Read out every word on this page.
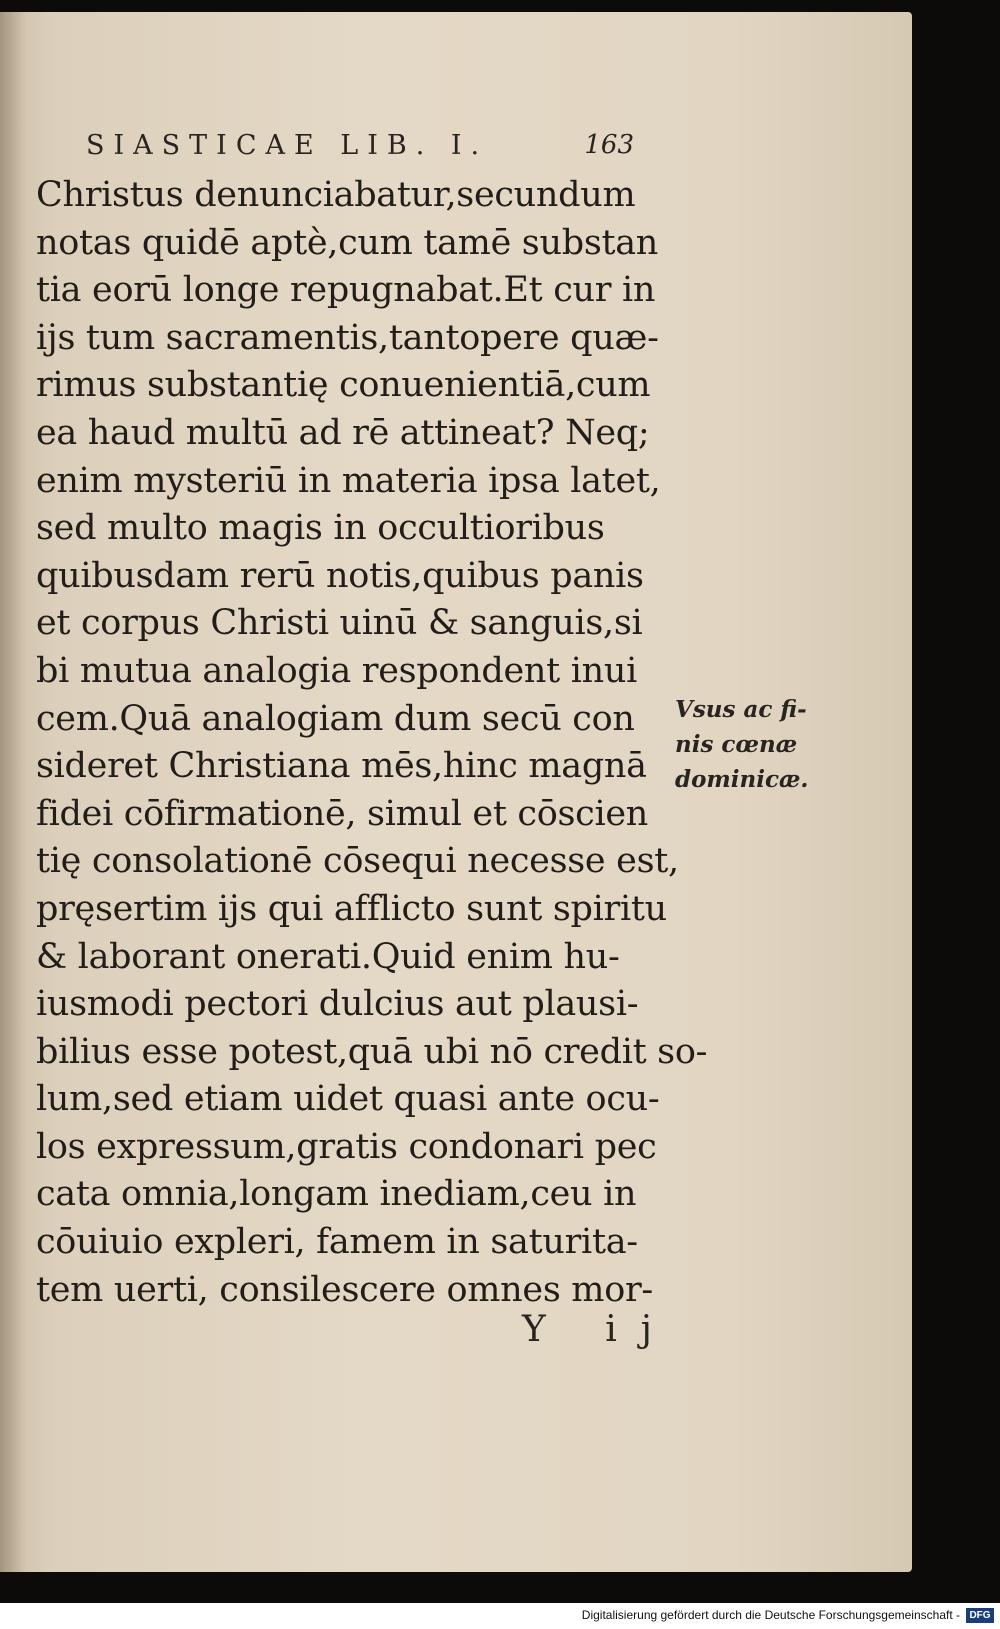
SIASTICAE LIB. I.	163
Christus denunciabatur,secundum
notas quidē aptè,cum tamē substan
tia eorū longe repugnabat.Et cur in
ijs tum sacramentis,tantopere quæ-
rimus substantię conuenientiā,cum
ea haud multū ad rē attineat? Neq;
enim mysteriū in materia ipsa latet,
sed multo magis in occultioribus
quibusdam rerū notis,quibus panis
et corpus Christi uinū & sanguis,si
bi mutua analogia respondent inui
cem.Quā analogiam dum secū con
sideret Christiana mēs,hinc magnā
fidei cōfirmationē, simul et cōscien
tię consolationē cōsequi necesse est,
pręsertim ijs qui afflicto sunt spiritu
& laborant onerati.Quid enim hu-
iusmodi pectori dulcius aut plausi-
bilius esse potest,quā ubi nō credit so-
lum,sed etiam uidet quasi ante ocu-
los expressum,gratis condonari pec
cata omnia,longam inediam,ceu in
cōuiuio expleri, famem in saturita-
tem uerti, consilescere omnes mor-
Vsus ac fi-
nis cœnæ
dominicæ.
Y ij
Digitalisierung gefördert durch die Deutsche Forschungsgemeinschaft - DFG
